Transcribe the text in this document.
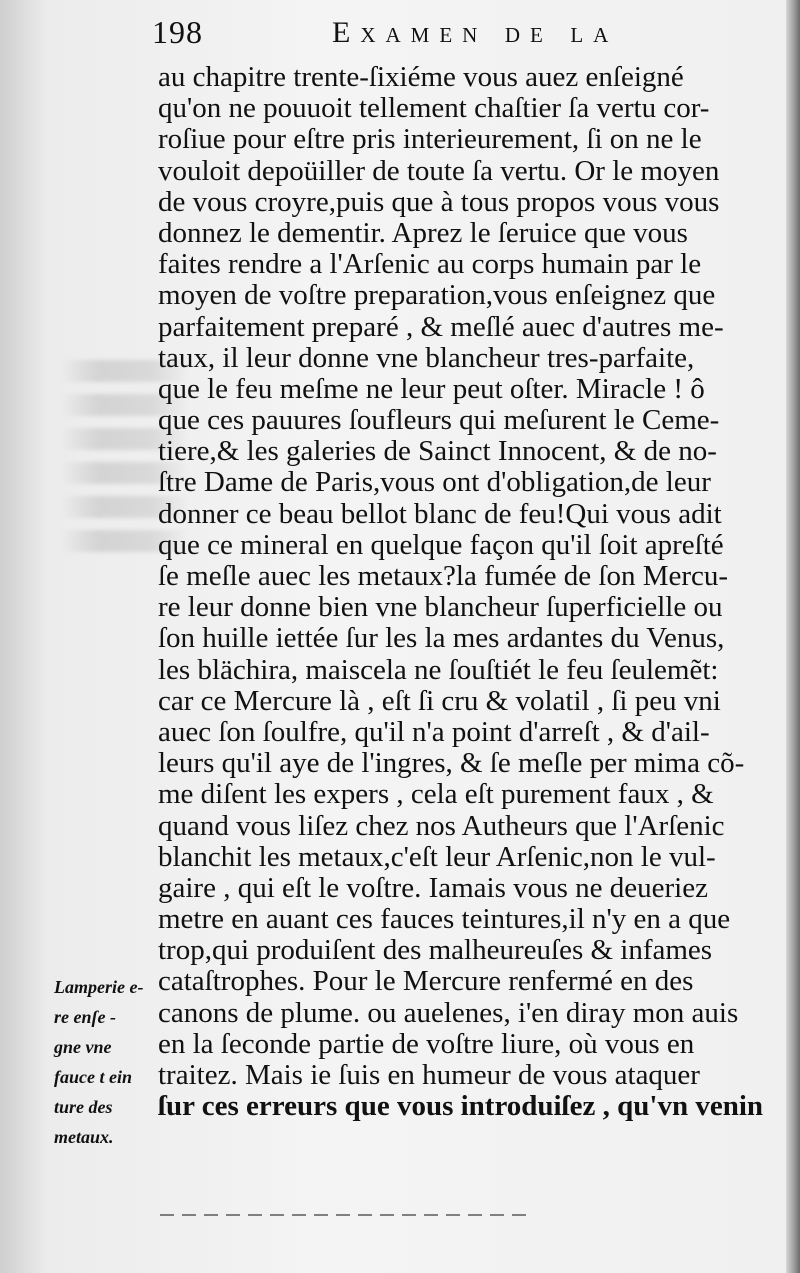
198	Examen de la
au chapitre trente-ſixiéme vous auez enſeigné
qu'on ne pouuoit tellement chaſtier ſa vertu cor-
roſiue pour eſtre pris interieurement, ſi on ne le
vouloit depoüiller de toute ſa vertu. Or le moyen
de vous croyre,puis que à tous propos vous vous
donnez le dementir. Aprez le ſeruice que vous
faites rendre a l'Arſenic au corps humain par le
moyen de voſtre preparation,vous enſeignez que
parfaitement preparé , & meſlé auec d'autres me-
taux, il leur donne vne blancheur tres-parfaite,
que le feu meſme ne leur peut oſter. Miracle ! ô
que ces pauures ſoufleurs qui meſurent le Ceme-
tiere,& les galeries de Sainct Innocent, & de no-
ſtre Dame de Paris,vous ont d'obligation,de leur
donner ce beau bellot blanc de feu!Qui vous adit
que ce mineral en quelque façon qu'il ſoit apreſté
ſe meſle auec les metaux?la fumée de ſon Mercu-
re leur donne bien vne blancheur ſuperficielle ou
ſon huille iettée ſur les la mes ardantes du Venus,
les blächira, maiscela ne ſouſtiét le feu ſeulemẽt:
car ce Mercure là , eſt ſi cru & volatil , ſi peu vni
auec ſon ſoulfre, qu'il n'a point d'arreſt , & d'ail-
leurs qu'il aye de l'ingres, & ſe meſle per mima cõ-
me diſent les expers , cela eſt purement faux , &
quand vous liſez chez nos Autheurs que l'Arſenic
blanchit les metaux,c'eſt leur Arſenic,non le vul-
gaire , qui eſt le voſtre. Iamais vous ne deueriez
metre en auant ces fauces teintures,il n'y en a que
trop,qui produiſent des malheureuſes & infames
cataſtrophes. Pour le Mercure renfermé en des
canons de plume. ou auelenes, i'en diray mon auis
en la ſeconde partie de voſtre liure, où vous en
traitez. Mais ie ſuis en humeur de vous ataquer
ſur ces erreurs que vous introduiſez , qu'vn venin
Lamperie e-
re enſe -
gne vne
fauce t ein
ture des
metaux.
